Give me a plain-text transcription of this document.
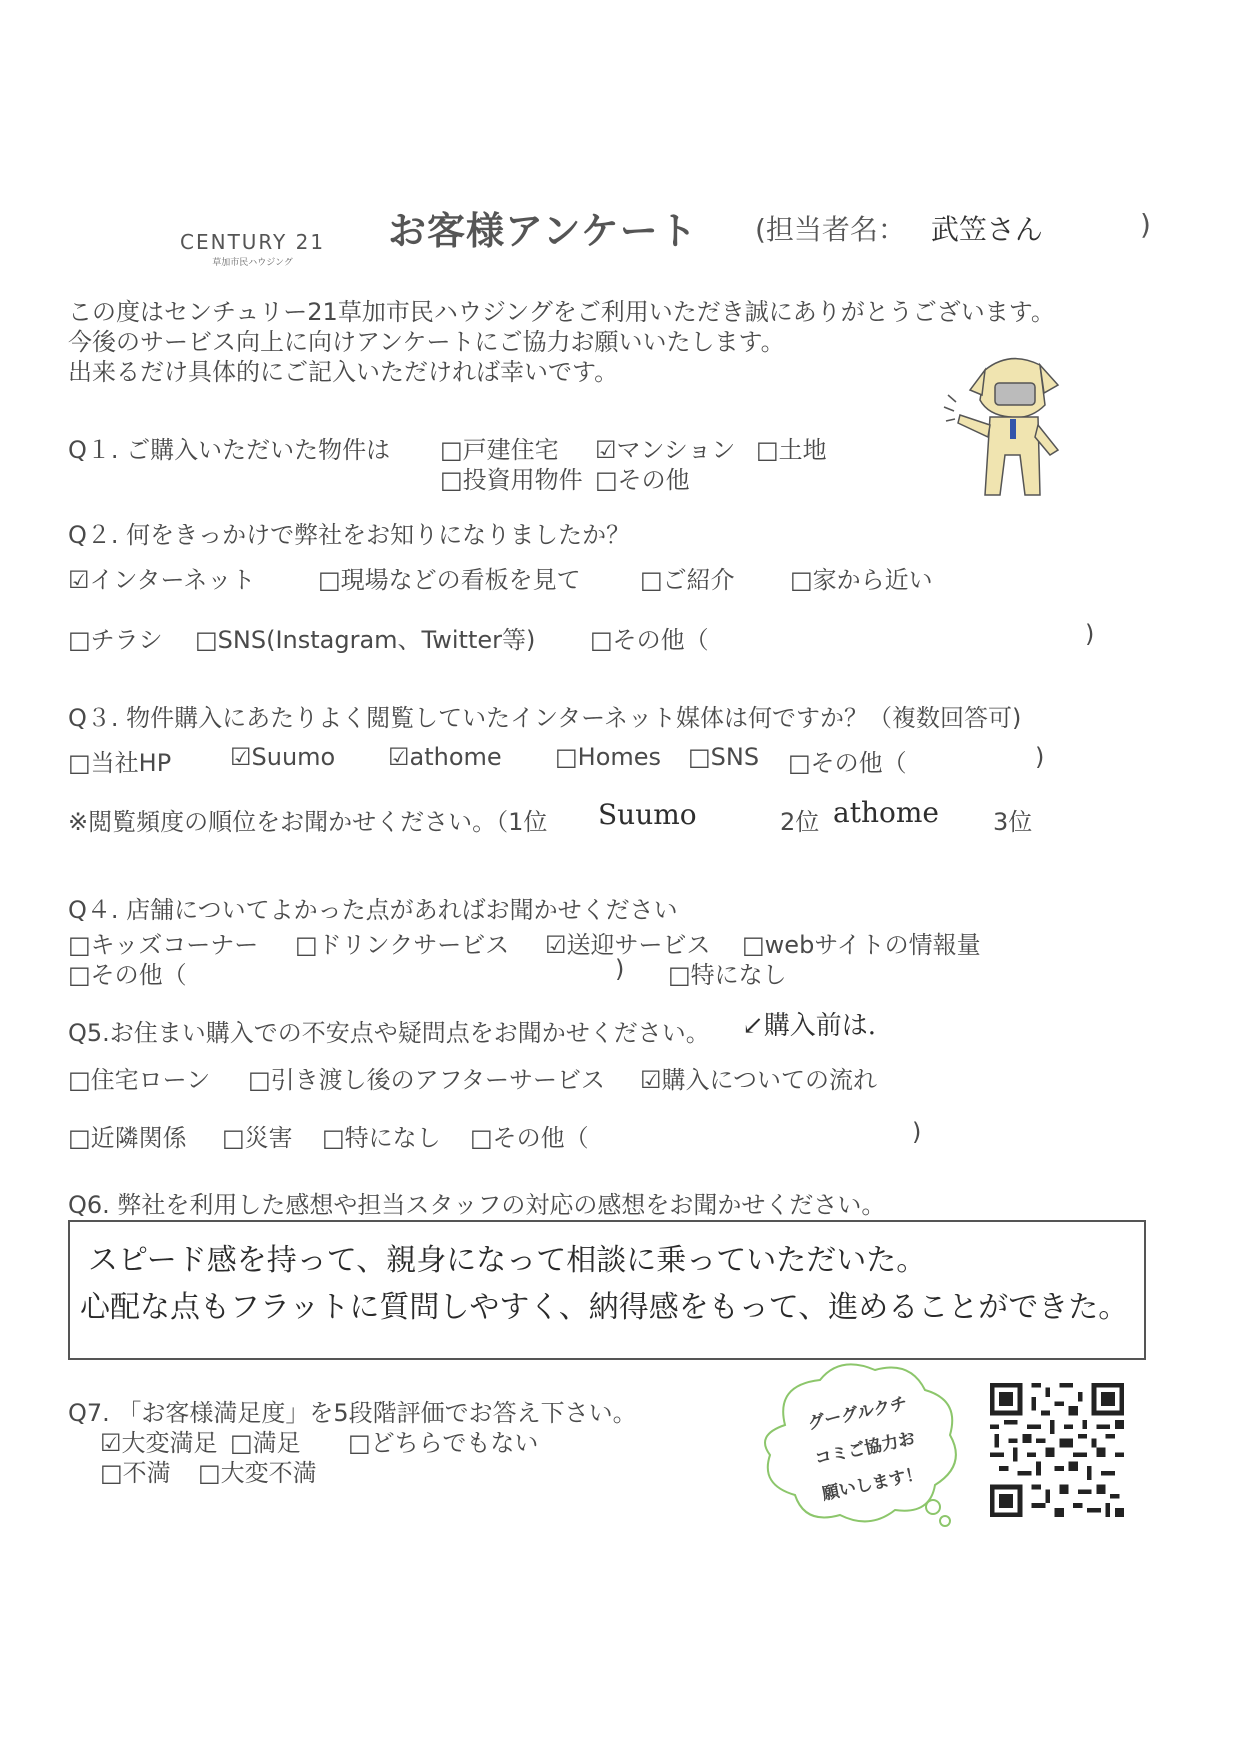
CENTURY 21
草加市民ハウジング
お客様アンケート (担当者名： 武笠さん	)
この度はセンチュリー21草加市民ハウジングをご利用いただき誠にありがとうございます。
今後のサービス向上に向けアンケートにご協力お願いいたします。
出来るだけ具体的にご記入いただければ幸いです。
Q１. ご購入いただいた物件は □戸建住宅 ☑マンション □土地
□投資用物件 □その他
Q２. 何をきっかけで弊社をお知りになりましたか？
☑インターネット	□現場などの看板を見て □ご紹介 □家から近い
□チラシ □SNS(Instagram、Twitter等) □その他（	)
Q３. 物件購入にあたりよく閲覧していたインターネット媒体は何ですか？（複数回答可)
□当社HP ☑Suumo ☑athome □Homes □SNS □その他（	)
※閲覧頻度の順位をお聞かせください。（1位 Suumo	2位 athome 3位
Q４. 店舗についてよかった点があればお聞かせください
□キッズコーナー □ドリンクサービス ☑送迎サービス □webサイトの情報量
□その他（	) □特になし
Q5.お住まい購入での不安点や疑問点をお聞かせください。 ↙購入前は.
□住宅ローン □引き渡し後のアフターサービス ☑購入についての流れ
□近隣関係 □災害 □特になし □その他（	)
Q6. 弊社を利用した感想や担当スタッフの対応の感想をお聞かせください。
スピード感を持って、親身になって相談に乗っていただいた。
心配な点もフラットに質問しやすく、納得感をもって、進めることができた。
Q7. 「お客様満足度」を5段階評価でお答え下さい。
☑大変満足 □満足 □どちらでもない
□不満 □大変不満
グーグルクチ
コミご協力お
願いします！
